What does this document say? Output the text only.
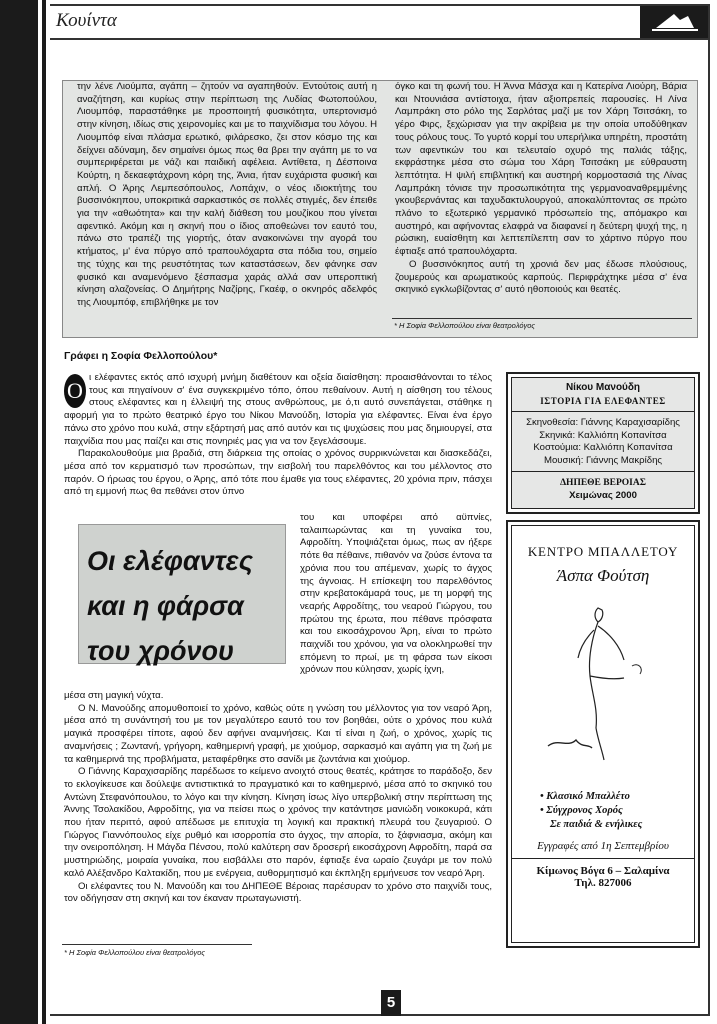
Κουίντα

την λένε Λιούμπα, αγάπη – ζητούν να αγαπηθούν. Εντούτοις αυτή η αναζήτηση, και κυρίως στην περίπτωση της Λυδίας Φωτοπούλου, Λιουμπόφ, παραστάθηκε με προσποιητή φυσικότητα, υπερτονισμό στην κίνηση, ιδίως στις χειρονομίες και με το παιχνίδισμα του λόγου. Η Λιουμπόφ είναι πλάσμα ερωτικό, φιλάρεσκο, ζει στον κόσμο της και δείχνει αδύναμη, δεν σημαίνει όμως πως θα βρει την αγάπη με το να συμπεριφέρεται με νάζι και παιδική αφέλεια. Αντίθετα, η Δέσποινα Κούρτη, η δεκαεφτάχρονη κόρη της, Άνια, ήταν ευχάριστα φυσική και απλή. Ο Άρης Λεμπεσόπουλος, Λοπάχιν, ο νέος ιδιοκτήτης του βυσσινόκηπου, υποκριτικά σαρκαστικός σε πολλές στιγμές, δεν έπειθε για την «αθωότητα» και την καλή διάθεση του μουζίκου που γίνεται αφεντικό. Ακόμη και η σκηνή που ο ίδιος αποθεώνει τον εαυτό του, πάνω στο τραπέζι της γιορτής, όταν ανακοινώνει την αγορά του κτήματος, μ' ένα πύργο από τραπουλόχαρτα στα πόδια του, σημείο της τύχης και της ρευστότητας των καταστάσεων, δεν φάνηκε σαν φυσικό και αναμενόμενο ξέσπασμα χαράς αλλά σαν υπεροπτική κίνηση αλαζονείας. Ο Δημήτρης Ναζίρης, Γκαέφ, ο οκνηρός αδελφός της Λιουμπόφ, επιβλήθηκε με τον

όγκο και τη φωνή του. Η Άννα Μάσχα και η Κατερίνα Λιούρη, Βάρια και Ντουνιάσα αντίστοιχα, ήταν αξιοπρεπείς παρουσίες. Η Λίνα Λαμπράκη στο ρόλο της Σαρλότας μαζί με τον Χάρη Τσιτσάκη, το γέρο Φιρς, ξεχώρισαν για την ακρίβεια με την οποία υποδύθηκαν τους ρόλους τους. Το γυρτό κορμί του υπερήλικα υπηρέτη, προστάτη των αφεντικών του και τελευταίο οχυρό της παλιάς τάξης, εκφράστηκε μέσα στο σώμα του Χάρη Τσιτσάκη με εύθραυστη λεπτότητα. Η ψιλή επιβλητική και αυστηρή κορμοστασιά της Λίνας Λαμπράκη τόνισε την προσωπικότητα της γερμανοαναθρεμμένης γκουβερνάντας και ταχυδακτυλουργού, αποκαλύπτοντας σε πρώτο πλάνο το εξωτερικό γερμανικό πρόσωπείο της, απόμακρο και αυστηρό, και αφήνοντας ελαφρά να διαφανεί η δεύτερη ψυχή της, η ρώσικη, ευαίσθητη και λεπτεπίλεπτη σαν το χάρτινο πύργο που έφτιαξε από τραπουλόχαρτα.

Ο βυσσινόκηπος αυτή τη χρονιά δεν μας έδωσε πλούσιους, ζουμερούς και αρωματικούς καρπούς. Περιφράχτηκε μέσα σ' ένα σκηνικό εγκλωβίζοντας σ' αυτό ηθοποιούς και θεατές.

* Η Σοφία Φελλοπούλου είναι θεατρολόγος
Γράφει η Σοφία Φελλοπούλου*

Ο
ι ελέφαντες εκτός από ισχυρή μνήμη διαθέτουν και οξεία διαίσθηση: προαισθάνονται το τέλος τους και πηγαίνουν σ' ένα συγκεκριμένο τόπο, όπου πεθαίνουν. Αυτή η αίσθηση του τέλους στους ελέφαντες και η έλλειψή της στους ανθρώπους, με ό,τι αυτό συνεπάγεται, στάθηκε η αφορμή για το πρώτο θεατρικό έργο του Νίκου Μανούδη, Ιστορία για ελέφαντες. Είναι ένα έργο πάνω στο χρόνο που κυλά, στην εξάρτησή μας από αυτόν και τις ψυχώσεις που μας δημιουργεί, στα παιχνίδια που μας παίζει και στις πονηριές μας για να τον ξεγελάσουμε.

Παρακολουθούμε μια βραδιά, στη διάρκεια της οποίας ο χρόνος συρρικνώνεται και διασκεδάζει, μέσα από τον κερματισμό των προσώπων, την εισβολή του παρελθόντος και του μέλλοντος στο παρόν. Ο ήρωας του έργου, ο Άρης, από τότε που έμαθε για τους ελέφαντες, 20 χρόνια πριν, πάσχει από τη εμμονή πως θα πεθάνει στον ύπνο

Οι ελέφαντες
και η φάρσα
του χρόνου

του και υποφέρει από αϋπνίες, ταλαιπωρώντας και τη γυναίκα του, Αφροδίτη. Υποψιάζεται όμως, πως αν ήξερε πότε θα πέθαινε, πιθανόν να ζούσε έντονα τα χρόνια που του απέμεναν, χωρίς το άγχος της άγνοιας. Η επίσκεψη του παρελθόντος στην κρεβατοκάμαρά τους, με τη μορφή της νεαρής Αφροδίτης, του νεαρού Γιώργου, του πρώτου της έρωτα, που πέθανε πρόσφατα και του εικοσάχρονου Άρη, είναι το πρώτο παιχνίδι του χρόνου, για να ολοκληρωθεί την επόμενη το πρωί, με τη φάρσα των είκοσι χρόνων που κύλησαν, χωρίς ίχνη,

μέσα στη μαγική νύχτα.

Ο Ν. Μανούδης απομυθοποιεί το χρόνο, καθώς ούτε η γνώση του μέλλοντος για τον νεαρό Άρη, μέσα από τη συνάντησή του με τον μεγαλύτερο εαυτό του τον βοηθάει, ούτε ο χρόνος που κυλά μαγικά προσφέρει τίποτε, αφού δεν αφήνει αναμνήσεις. Και τί είναι η ζωή, ο χρόνος, χωρίς τις αναμνήσεις ; Ζωντανή, γρήγορη, καθημερινή γραφή, με χιούμορ, σαρκασμό και αγάπη για τη ζωή με τα καθημερινά της προβλήματα, μεταφέρθηκε στο σανίδι με ζωντάνια και χιούμορ.

Ο Γιάννης Καραχισαρίδης παρέδωσε το κείμενο ανοιχτό στους θεατές, κράτησε το παράδοξο, δεν το εκλογίκευσε και δούλεψε αντιστικτικά το πραγματικό και το καθημερινό, μέσα από το σκηνικό του Αντώνη Στεφανόπουλου, το λόγο και την κίνηση. Κίνηση ίσως λίγο υπερβολική στην περίπτωση της Άννης Τσολακίδου, Αφροδίτης, για να πείσει πως ο χρόνος την κατάντησε μανιώδη νοικοκυρά, κάτι που ήταν περιττό, αφού απέδωσε με επιτυχία τη λογική και πρακτική πλευρά του ζευγαριού. Ο Γιώργος Γιαννόπουλος είχε ρυθμό και ισορροπία στο άγχος, την απορία, το ξάφνιασμα, ακόμη και την ονειροπόληση. Η Μάγδα Πένσου, πολύ καλύτερη σαν δροσερή εικοσάχρονη Αφροδίτη, παρά σα μυστηριώδης, μοιραία γυναίκα, που εισβάλλει στο παρόν, έφτιαξε ένα ωραίο ζευγάρι με τον πολύ καλό Αλέξανδρο Καλτακίδη, που με ενέργεια, αυθορμητισμό και έκπληξη ερμήνευσε τον νεαρό Άρη.

Οι ελέφαντες του Ν. Μανούδη και του ΔΗΠΕΘΕ Βέροιας παρέσυραν το χρόνο στο παιχνίδι τους, τον οδήγησαν στη σκηνή και τον έκαναν πρωταγωνιστή.

Νίκου Μανούδη
ΙΣΤΟΡΙΑ ΓΙΑ ΕΛΕΦΑΝΤΕΣ
Σκηνοθεσία: Γιάννης Καραχισαρίδης
Σκηνικά: Καλλιόπη Κοπανίτσα
Κοστούμια: Καλλιόπη Κοπανίτσα
Μουσική: Γιάννης Μακρίδης
ΔΗΠΕΘΕ ΒΕΡΟΙΑΣ
Χειμώνας 2000
ΚΕΝΤΡΟ ΜΠΑΛΛΕΤΟΥ
Άσπα Φούτση
• Κλασικό Μπαλλέτο
• Σύγχρονος Χορός
Σε παιδιά & ενήλικες
Εγγραφές από 1η Σεπτεμβρίου
Κίμωνος Βόγα 6 – Σαλαμίνα
Τηλ. 827006
* Η Σοφία Φελλοπούλου είναι θεατρολόγος
5
